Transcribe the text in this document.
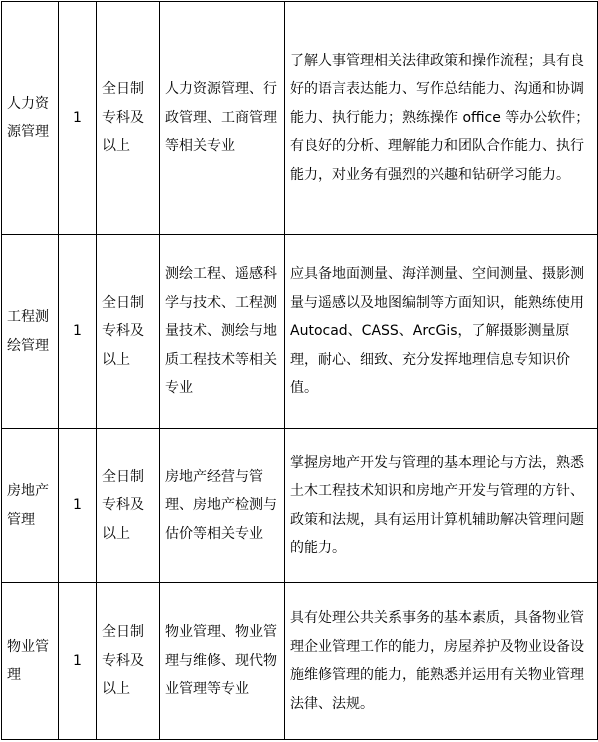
人力资源管理	1	全日制专科及以上	人力资源管理、行政管理、工商管理等相关专业	了解人事管理相关法律政策和操作流程；具有良好的语言表达能力、写作总结能力、沟通和协调能力、执行能力；熟练操作 office 等办公软件；有良好的分析、理解能力和团队合作能力、执行能力，对业务有强烈的兴趣和钻研学习能力。
工程测绘管理	1	全日制专科及以上	测绘工程、遥感科学与技术、工程测量技术、测绘与地质工程技术等相关专业	应具备地面测量、海洋测量、空间测量、摄影测量与遥感以及地图编制等方面知识，能熟练使用 Autocad、CASS、ArcGis，了解摄影测量原理，耐心、细致、充分发挥地理信息专知识价值。
房地产管理	1	全日制专科及以上	房地产经营与管理、房地产检测与估价等相关专业	掌握房地产开发与管理的基本理论与方法，熟悉土木工程技术知识和房地产开发与管理的方针、政策和法规，具有运用计算机辅助解决管理问题的能力。
物业管理	1	全日制专科及以上	物业管理、物业管理与维修、现代物业管理等专业	具有处理公共关系事务的基本素质，具备物业管理企业管理工作的能力，房屋养护及物业设备设施维修管理的能力，能熟悉并运用有关物业管理法律、法规。
